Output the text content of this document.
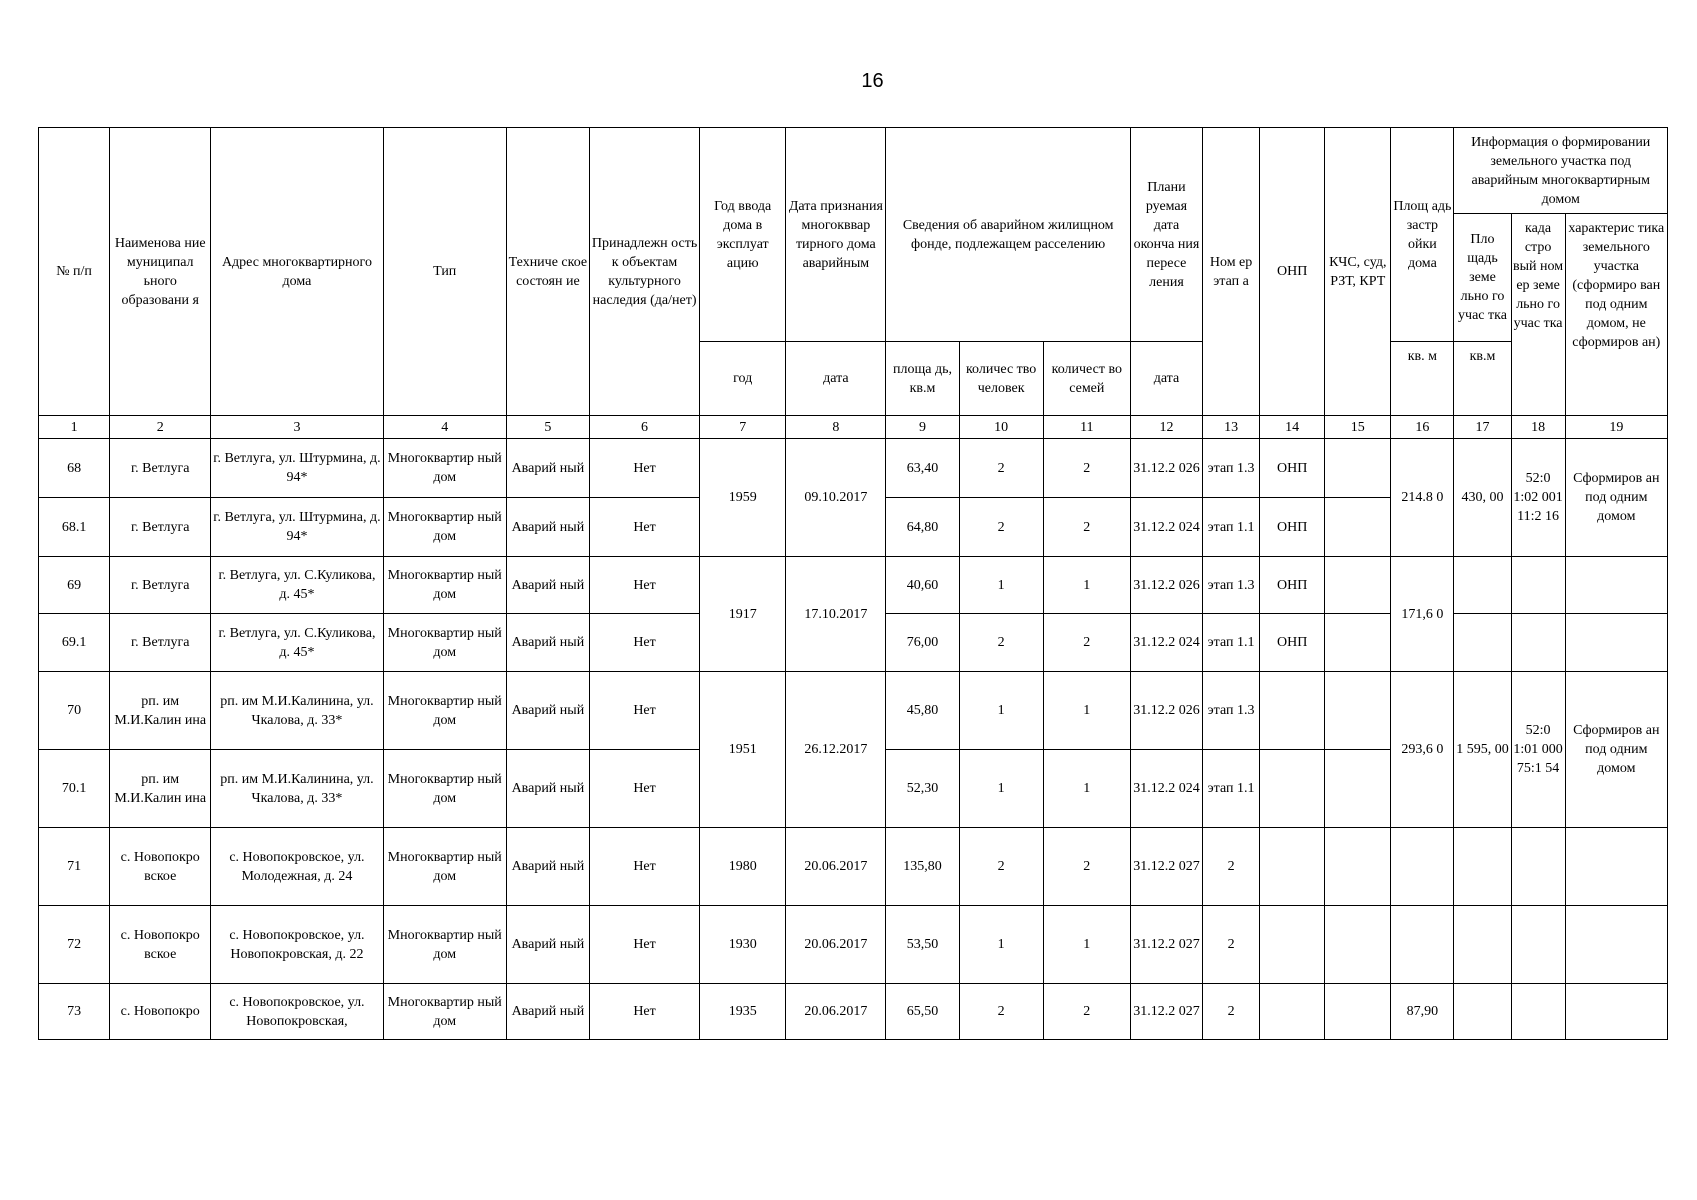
16
№ п/п	Наименова ние муниципал ьного образовани я	Адрес многоквартирного дома	Тип	Техниче ское состоян ие	Принадлежн ость к объектам культурного наследия (да/нет)	Год ввода дома в эксплуат ацию	Дата признания многокввар тирного дома аварийным	Сведения об аварийном жилищном фонде, подлежащем расселению			Плани руемая дата оконча ния пересе ления	Ном ер этап а	ОНП	КЧС, суд, РЗТ, КРТ	Площ адь застр ойки дома	Информация о формировании земельного участка под аварийным многоквартирным домом		
																Пло щадь земе льно го учас тка	када стро вый ном ер земе льно го учас тка	характерис тика земельного участка (сформиро ван под одним домом, не сформиров ан)
						год	дата	площа дь, кв.м	количес тво человек	количест во семей	дата				кв. м	кв.м		
1	2	3	4	5	6	7	8	9	10	11	12	13	14	15	16	17	18	19
68	г. Ветлуга	г. Ветлуга, ул. Штурмина, д. 94*	Многоквартир ный дом	Аварий ный	Нет	1959	09.10.2017	63,40	2	2	31.12.2 026	этап 1.3	ОНП		214.8 0	430, 00	52:0 1:02 001 11:2 16	Сформиров ан под одним домом
68.1	г. Ветлуга	г. Ветлуга, ул. Штурмина, д. 94*	Многоквартир ный дом	Аварий ный	Нет			64,80	2	2	31.12.2 024	этап 1.1	ОНП					
69	г. Ветлуга	г. Ветлуга, ул. С.Куликова, д. 45*	Многоквартир ный дом	Аварий ный	Нет	1917	17.10.2017	40,60	1	1	31.12.2 026	этап 1.3	ОНП		171,6 0			
69.1	г. Ветлуга	г. Ветлуга, ул. С.Куликова, д. 45*	Многоквартир ный дом	Аварий ный	Нет			76,00	2	2	31.12.2 024	этап 1.1	ОНП					
70	рп. им М.И.Калин ина	рп. им М.И.Калинина, ул. Чкалова, д. 33*	Многоквартир ный дом	Аварий ный	Нет	1951	26.12.2017	45,80	1	1	31.12.2 026	этап 1.3			293,6 0	1 595, 00	52:0 1:01 000 75:1 54	Сформиров ан под одним домом
70.1	рп. им М.И.Калин ина	рп. им М.И.Калинина, ул. Чкалова, д. 33*	Многоквартир ный дом	Аварий ный	Нет			52,30	1	1	31.12.2 024	этап 1.1						
71	с. Новопокро вское	с. Новопокровское, ул. Молодежная, д. 24	Многоквартир ный дом	Аварий ный	Нет	1980	20.06.2017	135,80	2	2	31.12.2 027	2						
72	с. Новопокро вское	с. Новопокровское, ул. Новопокровская, д. 22	Многоквартир ный дом	Аварий ный	Нет	1930	20.06.2017	53,50	1	1	31.12.2 027	2						
73	с. Новопокро	с. Новопокровское, ул. Новопокровская,	Многоквартир ный дом	Аварий ный	Нет	1935	20.06.2017	65,50	2	2	31.12.2 027	2			87,90			
